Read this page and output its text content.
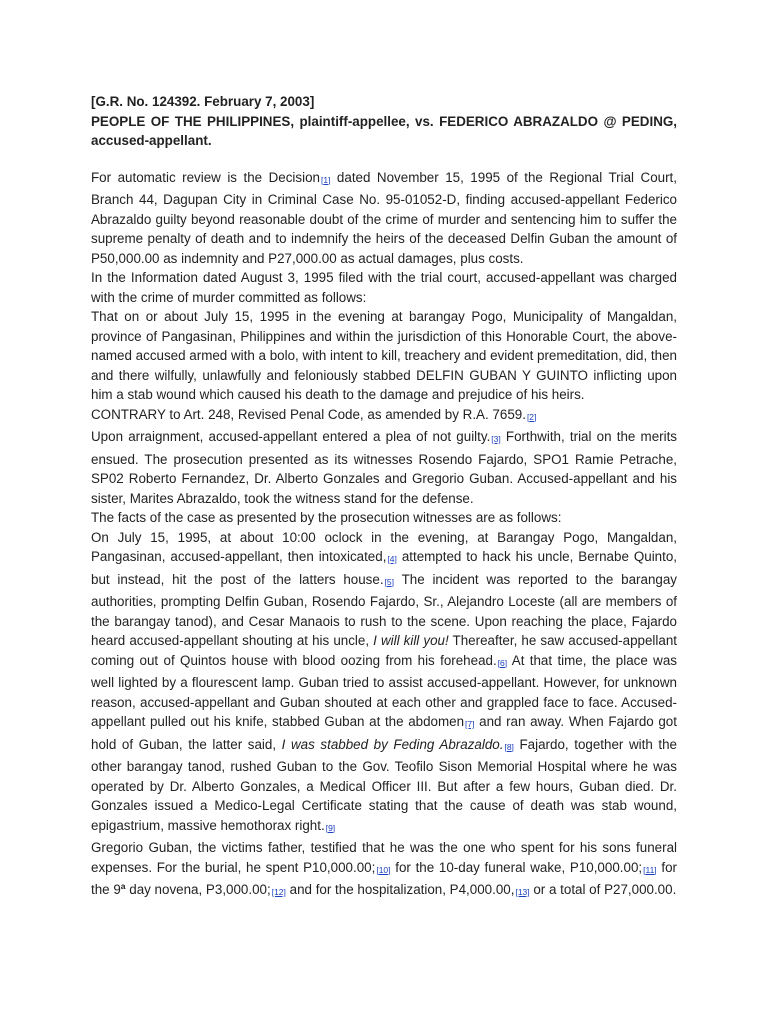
[G.R. No. 124392. February 7, 2003]

PEOPLE OF THE PHILIPPINES, plaintiff-appellee, vs. FEDERICO ABRAZALDO @ PEDING, accused-appellant.

For automatic review is the Decision[1] dated November 15, 1995 of the Regional Trial Court, Branch 44, Dagupan City in Criminal Case No. 95-01052-D, finding accused-appellant Federico Abrazaldo guilty beyond reasonable doubt of the crime of murder and sentencing him to suffer the supreme penalty of death and to indemnify the heirs of the deceased Delfin Guban the amount of P50,000.00 as indemnity and P27,000.00 as actual damages, plus costs.

In the Information dated August 3, 1995 filed with the trial court, accused-appellant was charged with the crime of murder committed as follows:

That on or about July 15, 1995 in the evening at barangay Pogo, Municipality of Mangaldan, province of Pangasinan, Philippines and within the jurisdiction of this Honorable Court, the above-named accused armed with a bolo, with intent to kill, treachery and evident premeditation, did, then and there wilfully, unlawfully and feloniously stabbed DELFIN GUBAN Y GUINTO inflicting upon him a stab wound which caused his death to the damage and prejudice of his heirs.

CONTRARY to Art. 248, Revised Penal Code, as amended by R.A. 7659.[2]

Upon arraignment, accused-appellant entered a plea of not guilty.[3] Forthwith, trial on the merits ensued. The prosecution presented as its witnesses Rosendo Fajardo, SPO1 Ramie Petrache, SP02 Roberto Fernandez, Dr. Alberto Gonzales and Gregorio Guban. Accused-appellant and his sister, Marites Abrazaldo, took the witness stand for the defense.

The facts of the case as presented by the prosecution witnesses are as follows:

On July 15, 1995, at about 10:00 oclock in the evening, at Barangay Pogo, Mangaldan, Pangasinan, accused-appellant, then intoxicated,[4] attempted to hack his uncle, Bernabe Quinto, but instead, hit the post of the latters house.[5] The incident was reported to the barangay authorities, prompting Delfin Guban, Rosendo Fajardo, Sr., Alejandro Loceste (all are members of the barangay tanod), and Cesar Manaois to rush to the scene. Upon reaching the place, Fajardo heard accused-appellant shouting at his uncle, I will kill you! Thereafter, he saw accused-appellant coming out of Quintos house with blood oozing from his forehead.[6] At that time, the place was well lighted by a flourescent lamp. Guban tried to assist accused-appellant. However, for unknown reason, accused-appellant and Guban shouted at each other and grappled face to face. Accused-appellant pulled out his knife, stabbed Guban at the abdomen[7] and ran away. When Fajardo got hold of Guban, the latter said, I was stabbed by Feding Abrazaldo.[8] Fajardo, together with the other barangay tanod, rushed Guban to the Gov. Teofilo Sison Memorial Hospital where he was operated by Dr. Alberto Gonzales, a Medical Officer III. But after a few hours, Guban died. Dr. Gonzales issued a Medico-Legal Certificate stating that the cause of death was stab wound, epigastrium, massive hemothorax right.[9]

Gregorio Guban, the victims father, testified that he was the one who spent for his sons funeral expenses. For the burial, he spent P10,000.00;[10] for the 10-day funeral wake, P10,000.00;[11] for the 9$^a$ day novena, P3,000.00;[12] and for the hospitalization, P4,000.00,[13] or a total of P27,000.00.
